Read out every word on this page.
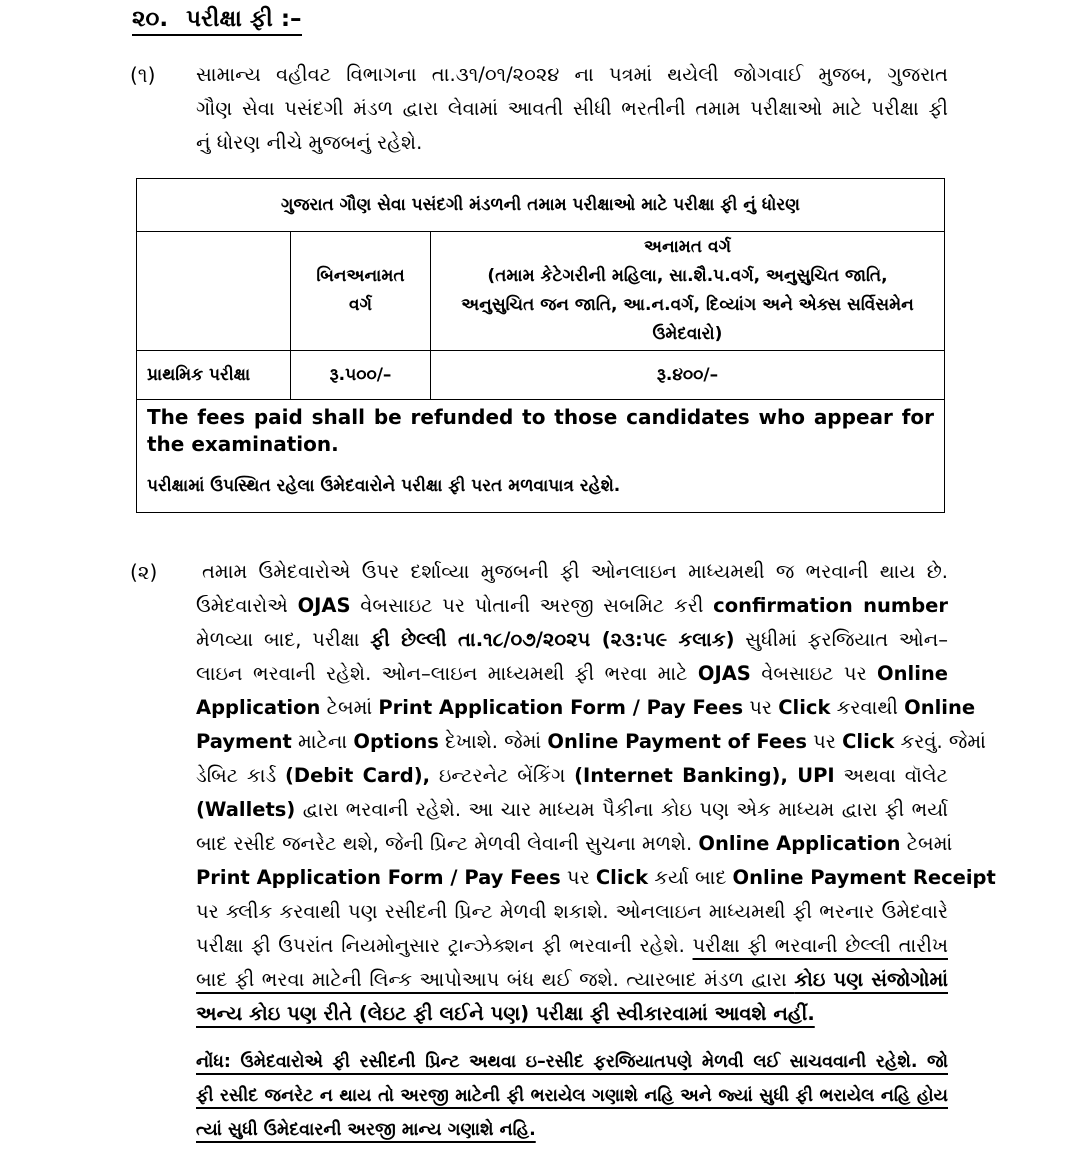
૨૦. પરીક્ષા ફી :–
(૧) સામાન્ય વહીવટ વિભાગના તા.૩૧/૦૧/૨૦૨૪ ના પત્રમાં થયેલી જોગવાઈ મુજબ, ગુજરાત
ગૌણ સેવા પસંદગી મંડળ દ્વારા લેવામાં આવતી સીધી ભરતીની તમામ પરીક્ષાઓ માટે પરીક્ષા ફી
નું ધોરણ નીચે મુજબનું રહેશે.
ગુજરાત ગૌણ સેવા પસંદગી મંડળની તમામ પરીક્ષાઓ માટે પરીક્ષા ફી નું ધોરણ		
	બિનઅનામત
વર્ગ	અનામત વર્ગ
(તમામ કેટેગરીની મહિલા, સા.શૈ.પ.વર્ગ, અનુસુચિત જાતિ,
અનુસુચિત જન જાતિ, આ.ન.વર્ગ, દિવ્યાંગ અને એક્સ સર્વિસમેન
ઉમેદવારો)
પ્રાથમિક પરીક્ષા	રૂ.૫૦૦/–	રૂ.૪૦૦/–

The fees paid shall be refunded to those candidates who appear for the examination.
પરીક્ષામાં ઉપસ્થિત રહેલા ઉમેદવારોને પરીક્ષા ફી પરત મળવાપાત્ર રહેશે.		
(૨)	તમામ ઉમેદવારોએ ઉપર દર્શાવ્યા મુજબની ફી ઓનલાઇન માધ્યમથી જ ભરવાની થાય છે.
ઉમેદવારોએ OJAS વેબસાઇટ પર પોતાની અરજી સબમિટ કરી confirmation number
મેળવ્યા બાદ, પરીક્ષા ફી છેલ્લી તા.૧૮/૦૭/૨૦૨૫ (૨૩:૫૯ કલાક) સુધીમાં ફરજિયાત ઓન–
લાઇન ભરવાની રહેશે. ઓન–લાઇન માધ્યમથી ફી ભરવા માટે OJAS વેબસાઇટ પર Online
Application ટેબમાં Print Application Form / Pay Fees પર Click કરવાથી Online
Payment માટેના Options દેખાશે. જેમાં Online Payment of Fees પર Click કરવું. જેમાં
ડેબિટ કાર્ડ (Debit Card), ઇન્ટરનેટ બેંકિંગ (Internet Banking), UPI અથવા વૉલેટ
(Wallets) દ્વારા ભરવાની રહેશે. આ ચાર માધ્યમ પૈકીના કોઇ પણ એક માધ્યમ દ્વારા ફી ભર્યા
બાદ રસીદ જનરેટ થશે, જેની પ્રિન્ટ મેળવી લેવાની સુચના મળશે. Online Application ટેબમાં
Print Application Form / Pay Fees પર Click કર્યા બાદ Online Payment Receipt
પર ક્લીક કરવાથી પણ રસીદની પ્રિન્ટ મેળવી શકાશે. ઓનલાઇન માધ્યમથી ફી ભરનાર ઉમેદવારે
પરીક્ષા ફી ઉપરાંત નિયમોનુસાર ટ્રાન્ઝેક્શન ફી ભરવાની રહેશે. પરીક્ષા ફી ભરવાની છેલ્લી તારીખ
બાદ ફી ભરવા માટેની લિન્ક આપોઆપ બંધ થઈ જશે. ત્યારબાદ મંડળ દ્વારા કોઇ પણ સંજોગોમાં
અન્ય કોઇ પણ રીતે (લેઇટ ફી લઈને પણ) પરીક્ષા ફી સ્વીકારવામાં આવશે નહીં.
નોંધ: ઉમેદવારોએ ફી રસીદની પ્રિન્ટ અથવા ઇ–રસીદ ફરજિયાતપણે મેળવી લઈ સાચવવાની રહેશે. જો
ફી રસીદ જનરેટ ન થાય તો અરજી માટેની ફી ભરાયેલ ગણાશે નહિ અને જ્યાં સુધી ફી ભરાયેલ નહિ હોય
ત્યાં સુધી ઉમેદવારની અરજી માન્ય ગણાશે નહિ.
